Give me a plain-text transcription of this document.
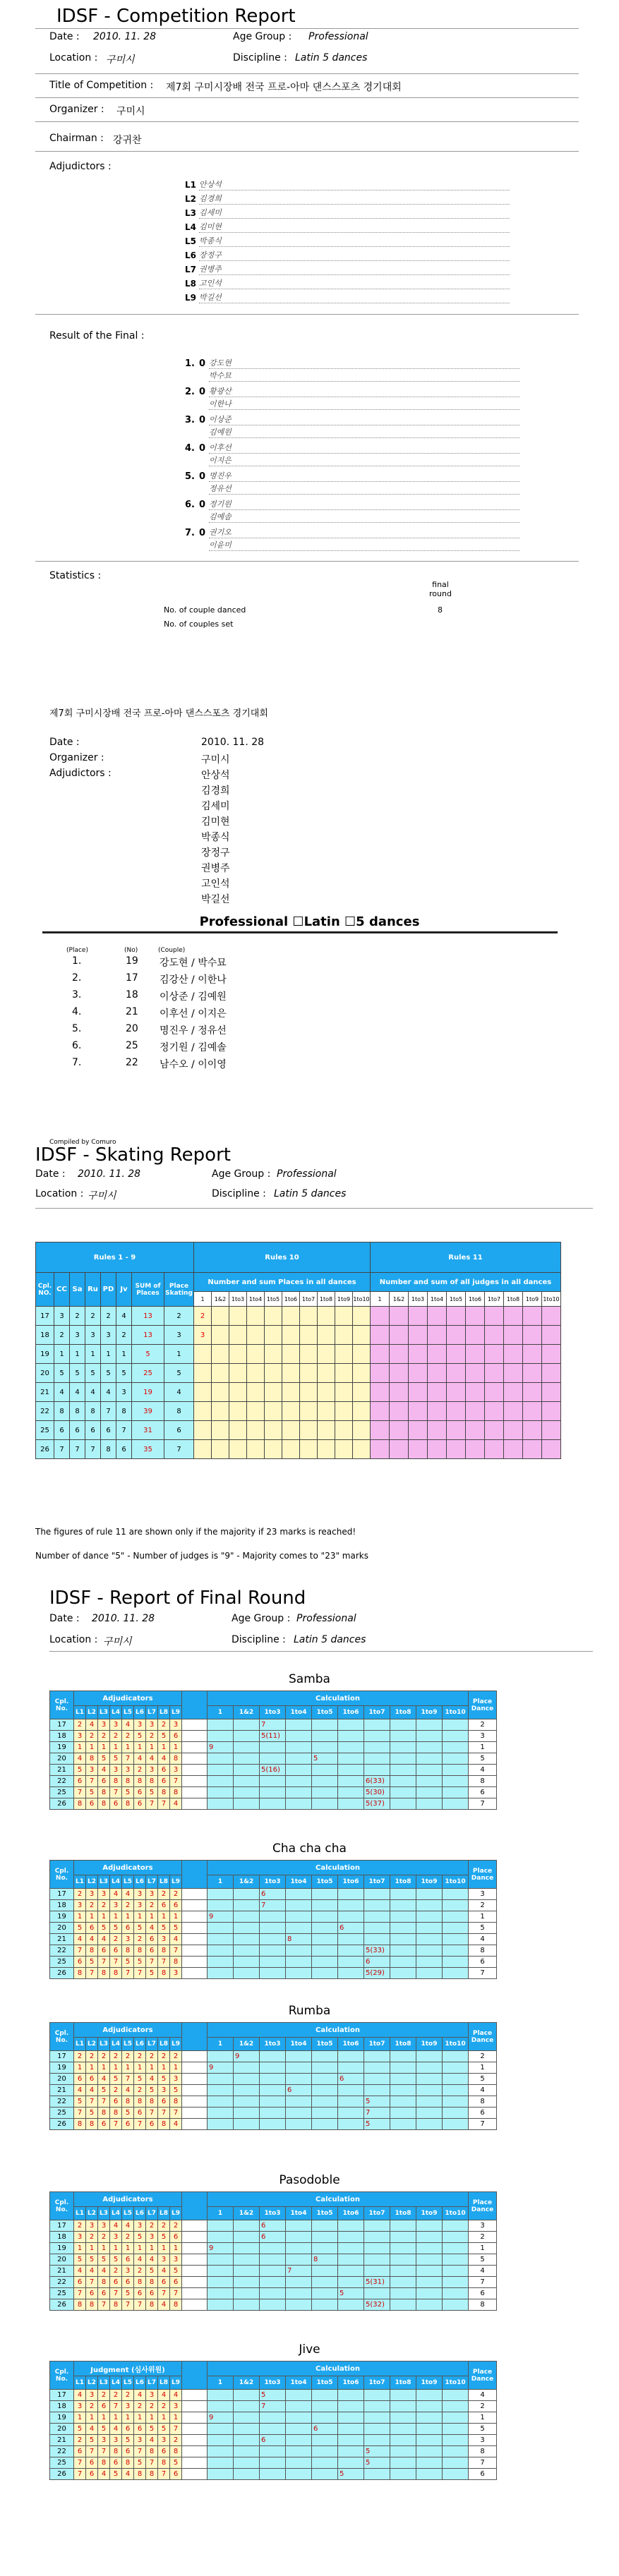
IDSF - Competition Report
Date : 2010. 11. 28	Age Group : Professional
Location : 구미시	Discipline : Latin 5 dances
Title of Competition : 제7회 구미시장배 전국 프로-아마 댄스스포츠 경기대회
Organizer : 구미시
Chairman : 강귀찬
Adjudictors :
L1 안상석
L2 김경희
L3 김세미
L4 김미현
L5 박종식
L6 장정구
L7 권병주
L8 고인석
L9 박길선
Result of the Final :
1. 0 강도현
박수묘
2. 0 황광산
이한나
3. 0 이상준
김예원
4. 0 이후선
이지은
5. 0 명진우
정유선
6. 0 정기원
김예솔
7. 0 권기오
이윤미
Statistics :
final round
No. of couple danced	8
No. of couples set
제7회 구미시장배 전국 프로-아마 댄스스포츠 경기대회
Date :	2010. 11. 28
Organizer :	구미시
Adjudictors :	안상석
김경희
김세미
김미현
박종식
장정구
권병주
고인석
박길선
Professional ☐Latin ☐5 dances
(Place)	(No)	(Couple)
1.	19 강도현 / 박수묘
2.	17 김강산 / 이한나
3.	18 이상준 / 김예원
4.	21 이후선 / 이지은
5.	20 명진우 / 정유선
6.	25 정기원 / 김예솔
7.	22 남수오 / 이이영
Compiled by Comuro
IDSF - Skating Report
Date : 2010. 11. 28	Age Group : Professional
Location : 구미시	Discipline : Latin 5 dances
Rules 1 - 9								Rules 10										Rules 11									
Cpl. NO.	CC	Sa	Ru	PD	Jv	SUM of Places	Place Skating	Number and sum Places in all dances										Number and sum of all judges in all dances									
								1	1&2	1to3	1to4	1to5	1to6	1to7	1to8	1to9	1to10	1	1&2	1to3	1to4	1to5	1to6	1to7	1to8	1to9	1to10
17	3	2	2	2	4	13	2	2																			
18	2	3	3	3	2	13	3	3																			
19	1	1	1	1	1	5	1																				
20	5	5	5	5	5	25	5																				
21	4	4	4	4	3	19	4																				
22	8	8	8	7	8	39	8																				
25	6	6	6	6	7	31	6																				
26	7	7	7	8	6	35	7																				
The figures of rule 11 are shown only if the majority if 23 marks is reached!
Number of dance "5" - Number of judges is "9" - Majority comes to "23" marks
IDSF - Report of Final Round
Date : 2010. 11. 28	Age Group : Professional
Location : 구미시	Discipline : Latin 5 dances
Samba
Cpl. No.	Adjudicators										Calculation										Place Dance
	L1	L2	L3	L4	L5	L6	L7	L8	L9		1	1&2	1to3	1to4	1to5	1to6	1to7	1to8	1to9	1to10	
17	2	4	3	3	4	3	3	2	3				7								2
18	3	2	2	2	2	5	2	5	6				5(11)								3
19	1	1	1	1	1	1	1	1	1		9										1
20	4	8	5	5	7	4	4	4	8						5						5
21	5	3	4	3	3	2	3	6	3				5(16)								4
22	6	7	6	8	8	8	8	6	7								6(33)				8
25	7	5	8	7	5	6	5	8	8								5(30)				6
26	8	6	8	6	8	6	7	7	4								5(37)				7
Cha cha cha
Cpl. No.	Adjudicators										Calculation										Place Dance
	L1	L2	L3	L4	L5	L6	L7	L8	L9		1	1&2	1to3	1to4	1to5	1to6	1to7	1to8	1to9	1to10	
17	2	3	3	4	4	3	3	2	2				6								3
18	3	2	2	3	2	3	2	6	6				7								2
19	1	1	1	1	1	1	1	1	1		9										1
20	5	6	5	5	6	5	4	5	5							6					5
21	4	4	4	2	3	2	6	3	4					8							4
22	7	8	6	6	8	8	6	8	7								5(33)				8
25	6	5	7	7	5	5	7	7	8								6				6
26	8	7	8	8	7	7	5	8	3								5(29)				7
Rumba
Cpl. No.	Adjudicators										Calculation										Place Dance
	L1	L2	L3	L4	L5	L6	L7	L8	L9		1	1&2	1to3	1to4	1to5	1to6	1to7	1to8	1to9	1to10	
17	2	2	2	2	2	2	2	2	2			9									2
19	1	1	1	1	1	1	1	1	1		9										1
20	6	6	4	5	7	5	4	5	3							6					5
21	4	4	5	2	4	2	5	3	5					6							4
22	5	7	7	6	8	8	8	6	8								5				8
25	7	5	8	8	5	6	7	7	7								7				6
26	8	8	6	7	6	7	6	8	4								5				7
Pasodoble
Cpl. No.	Adjudicators										Calculation										Place Dance
	L1	L2	L3	L4	L5	L6	L7	L8	L9		1	1&2	1to3	1to4	1to5	1to6	1to7	1to8	1to9	1to10	
17	2	3	3	4	4	3	2	2	2				6								3
18	3	2	2	3	2	5	3	5	6				6								2
19	1	1	1	1	1	1	1	1	1		9										1
20	5	5	5	5	6	4	4	3	3						8						5
21	4	4	4	2	3	2	5	4	5					7							4
22	6	7	8	6	6	8	8	6	6								5(31)				7
25	7	6	6	7	5	6	6	7	7							5					6
26	8	8	7	8	7	7	8	4	8								5(32)				8
Jive
Cpl. No.	Judgment (심사위원)										Calculation										Place Dance
	L1	L2	L3	L4	L5	L6	L7	L8	L9		1	1&2	1to3	1to4	1to5	1to6	1to7	1to8	1to9	1to10	
17	4	3	2	2	2	4	3	4	4				5								4
18	3	2	6	7	3	2	2	2	3				7								2
19	1	1	1	1	1	1	1	1	1		9										1
20	5	4	5	4	6	6	5	5	7						6						5
21	2	5	3	3	5	3	4	3	2				6								3
22	6	7	7	8	6	7	8	6	8								5				8
25	7	6	8	6	8	5	7	8	5								5				7
26	7	6	4	5	4	8	8	7	6							5					6
